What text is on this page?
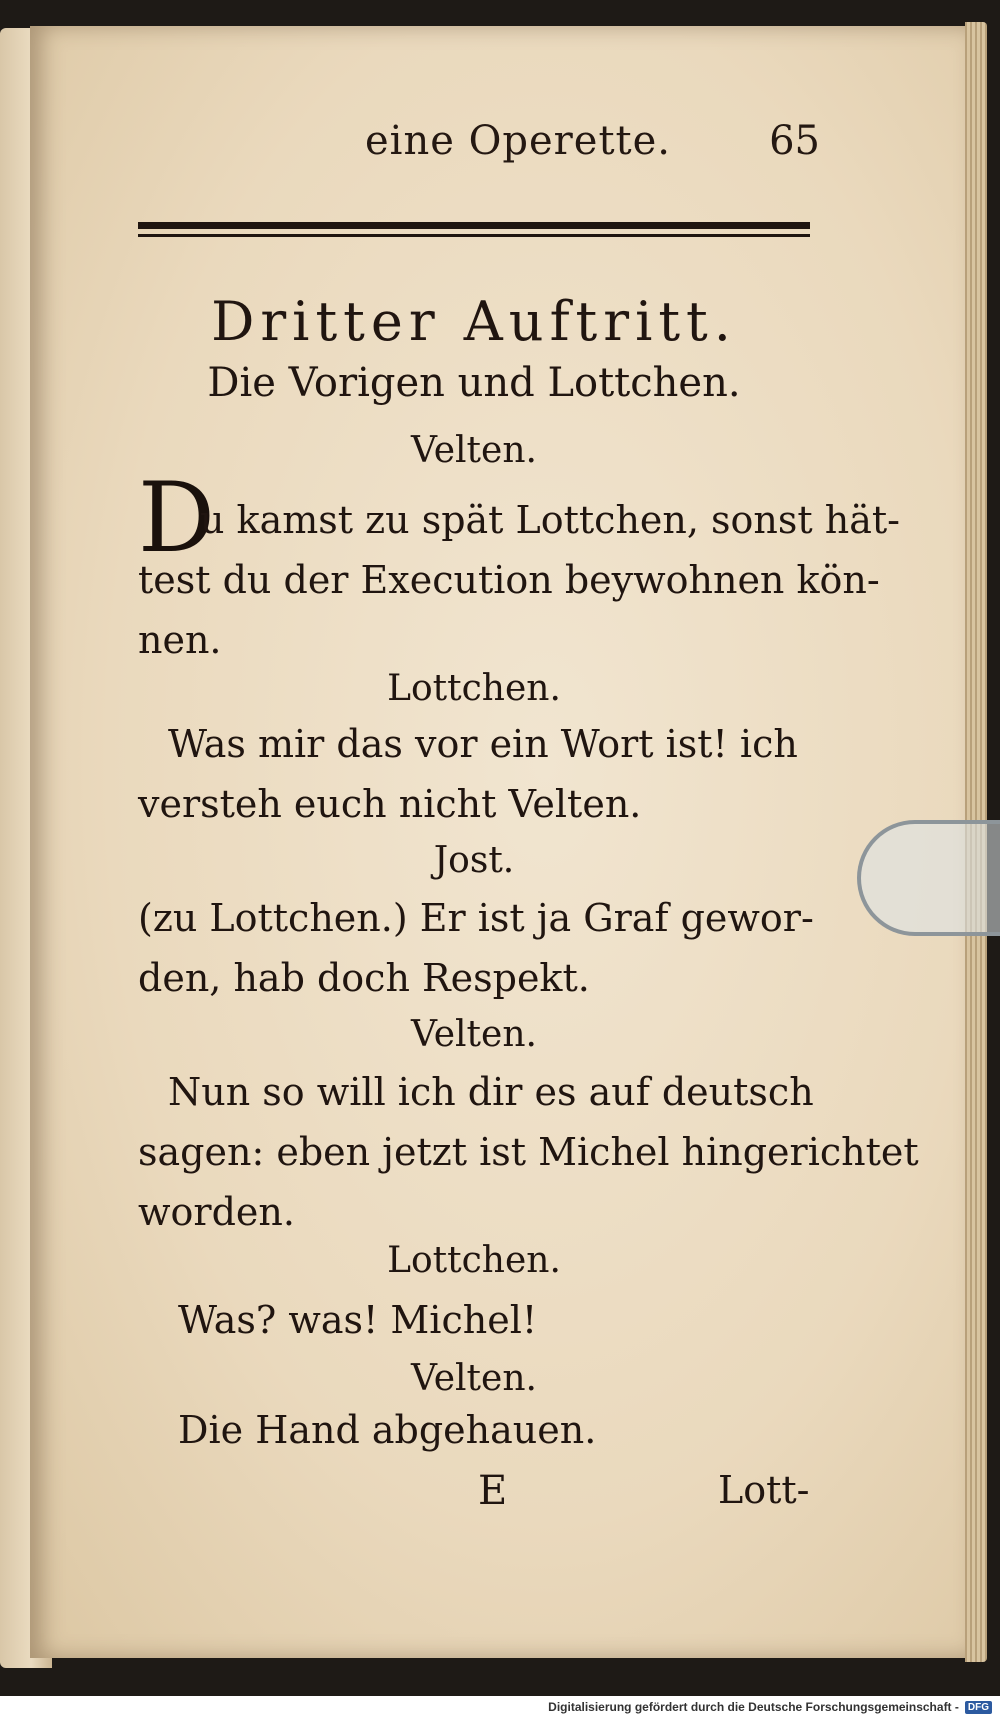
eine Operette. 65
Dritter Auftritt.
Die Vorigen und Lottchen.
Velten.
D
u kamst zu spät Lottchen, sonst hät-
test du der Execution beywohnen kön-
nen.
Lottchen.
Was mir das vor ein Wort ist! ich
versteh euch nicht Velten.
Jost.
(zu Lottchen.) Er ist ja Graf gewor-
den, hab doch Respekt.
Velten.
Nun so will ich dir es auf deutsch
sagen: eben jetzt ist Michel hingerichtet
worden.
Lottchen.
Was? was! Michel!
Velten.
Die Hand abgehauen.
E	Lott-
Digitalisierung gefördert durch die Deutsche Forschungsgemeinschaft - DFG
